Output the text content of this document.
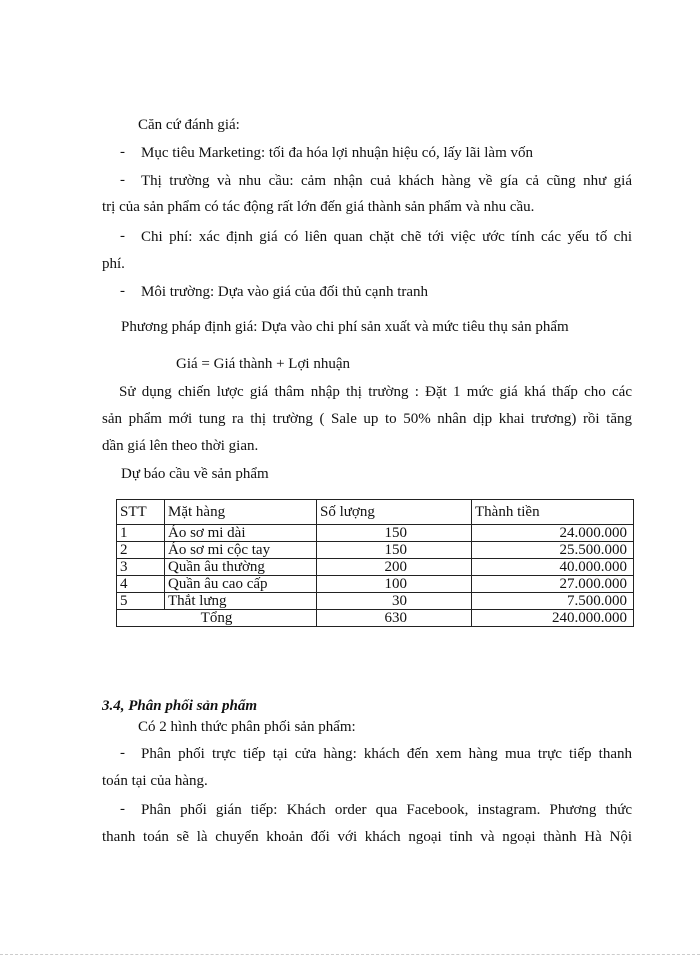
Căn cứ đánh giá:
- Mục tiêu Marketing: tối đa hóa lợi nhuận hiệu có, lấy lãi làm vốn
- Thị trường và nhu cầu: cảm nhận cuả khách hàng về gía cả cũng như giá
trị của sản phẩm có tác động rất lớn đến giá thành sản phẩm và nhu cầu.
- Chi phí: xác định giá có liên quan chặt chẽ tới việc ước tính các yếu tố chi
phí.
- Môi trường: Dựa vào giá của đối thủ cạnh tranh
Phương pháp định giá: Dựa vào chi phí sản xuất và mức tiêu thụ sản phẩm
Giá = Giá thành + Lợi nhuận
Sử dụng chiến lược giá thâm nhập thị trường : Đặt 1 mức giá khá thấp cho các
sản phẩm mới tung ra thị trường ( Sale up to 50% nhân dịp khai trương) rồi tăng
dần giá lên theo thời gian.
Dự báo cầu về sản phẩm
STT	Mặt hàng	Số lượng	Thành tiền
1	Áo sơ mi dài	150	24.000.000
2	Áo sơ mi cộc tay	150	25.500.000
3	Quần âu thường	200	40.000.000
4	Quần âu cao cấp	100	27.000.000
5	Thắt lưng	30	7.500.000
Tổng		630	240.000.000
3.4, Phân phối sản phẩm
Có 2 hình thức phân phối sản phẩm:
- Phân phối trực tiếp tại cửa hàng: khách đến xem hàng mua trực tiếp thanh
toán tại của hàng.
- Phân phối gián tiếp: Khách order qua Facebook, instagram. Phương thức
thanh toán sẽ là chuyển khoản đối với khách ngoại tỉnh và ngoại thành Hà Nội
